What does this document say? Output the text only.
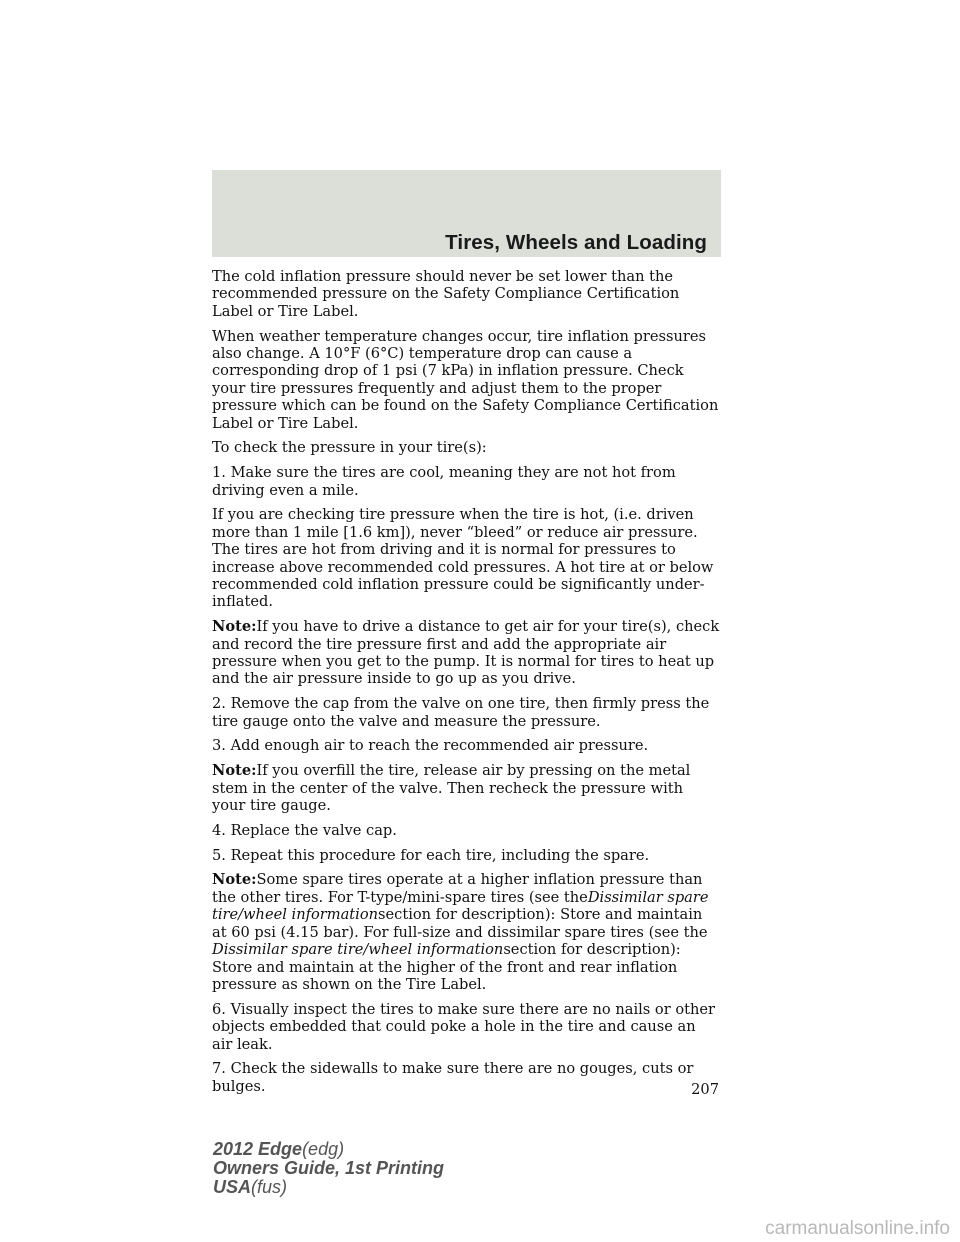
Tires, Wheels and Loading

The cold inflation pressure should never be set lower than the recommended pressure on the Safety Compliance Certification Label or Tire Label.

When weather temperature changes occur, tire inflation pressures also change. A 10°F (6°C) temperature drop can cause a corresponding drop of 1 psi (7 kPa) in inflation pressure. Check your tire pressures frequently and adjust them to the proper pressure which can be found on the Safety Compliance Certification Label or Tire Label.

To check the pressure in your tire(s):

1. Make sure the tires are cool, meaning they are not hot from driving even a mile.

If you are checking tire pressure when the tire is hot, (i.e. driven more than 1 mile [1.6 km]), never “bleed” or reduce air pressure. The tires are hot from driving and it is normal for pressures to increase above recommended cold pressures. A hot tire at or below recommended cold inflation pressure could be significantly under-inflated.

Note:If you have to drive a distance to get air for your tire(s), check and record the tire pressure first and add the appropriate air pressure when you get to the pump. It is normal for tires to heat up and the air pressure inside to go up as you drive.

2. Remove the cap from the valve on one tire, then firmly press the tire gauge onto the valve and measure the pressure.

3. Add enough air to reach the recommended air pressure.

Note:If you overfill the tire, release air by pressing on the metal stem in the center of the valve. Then recheck the pressure with your tire gauge.

4. Replace the valve cap.

5. Repeat this procedure for each tire, including the spare.

Note:Some spare tires operate at a higher inflation pressure than the other tires. For T-type/mini-spare tires (see theDissimilar spare tire/wheel informationsection for description): Store and maintain at 60 psi (4.15 bar). For full-size and dissimilar spare tires (see the Dissimilar spare tire/wheel informationsection for description): Store and maintain at the higher of the front and rear inflation pressure as shown on the Tire Label.

6. Visually inspect the tires to make sure there are no nails or other objects embedded that could poke a hole in the tire and cause an air leak.

7. Check the sidewalls to make sure there are no gouges, cuts or bulges.	207
2012 Edge(edg)
Owners Guide, 1st Printing
USA(fus)
carmanualsonline.info
